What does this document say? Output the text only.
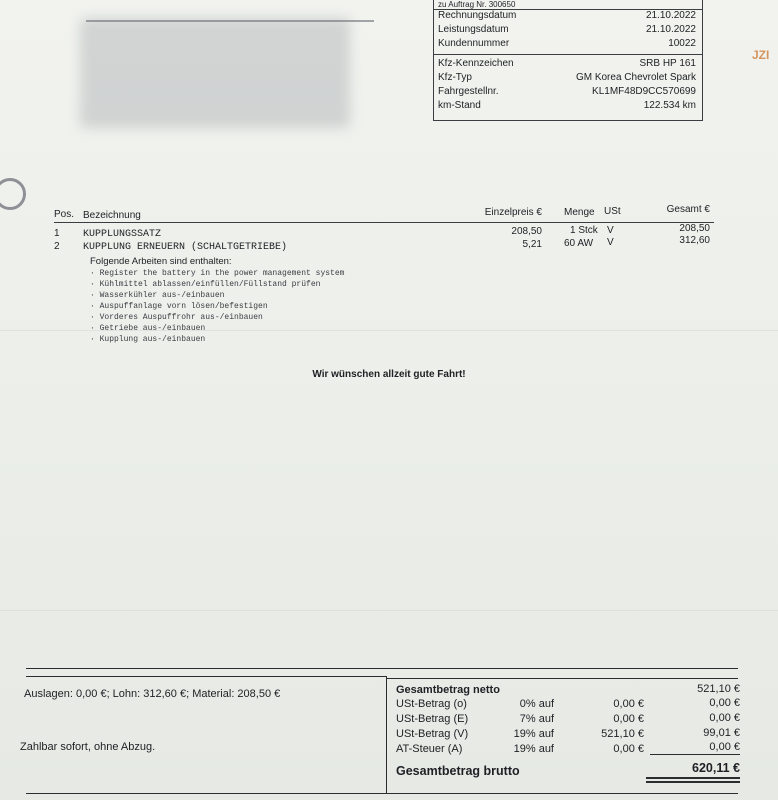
JZI
zu Auftrag Nr. 300650
Rechnungsdatum	21.10.2022
Leistungsdatum	21.10.2022
Kundennummer	10022
Kfz-Kennzeichen	SRB HP 161
Kfz-Typ	GM Korea Chevrolet Spark
Fahrgestellnr.	KL1MF48D9CC570699
km-Stand	122.534 km
Pos. Bezeichnung	Einzelpreis € Menge USt	Gesamt €
1 KUPPLUNGSSATZ	208,50	1 Stck V	208,50
2 KUPPLUNG ERNEUERN (SCHALTGETRIEBE)	5,21 60 AW V	312,60
Folgende Arbeiten sind enthalten:
· Register the battery in the power management system
· Kühlmittel ablassen/einfüllen/Füllstand prüfen
· Wasserkühler aus-/einbauen
· Auspuffanlage vorn lösen/befestigen
· Vorderes Auspuffrohr aus-/einbauen
· Getriebe aus-/einbauen
· Kupplung aus-/einbauen
Wir wünschen allzeit gute Fahrt!
Auslagen: 0,00 €; Lohn: 312,60 €; Material: 208,50 €
Zahlbar sofort, ohne Abzug.
Gesamtbetrag netto	521,10 €
USt-Betrag (o)	0% auf	0,00 €	0,00 €
USt-Betrag (E)	7% auf	0,00 €	0,00 €
USt-Betrag (V)	19% auf	521,10 €	99,01 €
AT-Steuer (A)	19% auf	0,00 €	0,00 €
Gesamtbetrag brutto	620,11 €
